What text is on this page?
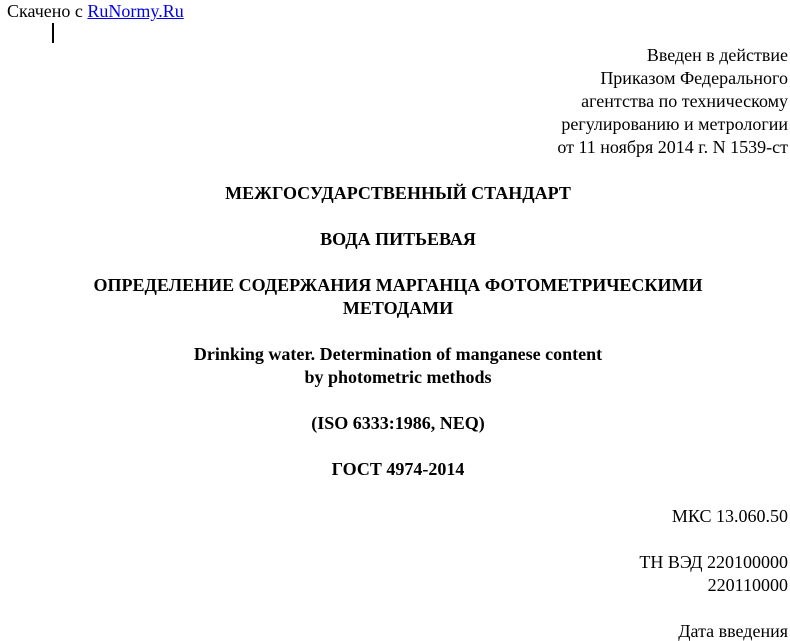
Скачено с RuNormy.Ru
Введен в действие
Приказом Федерального
агентства по техническому
регулированию и метрологии
от 11 ноября 2014 г. N 1539-ст
МЕЖГОСУДАРСТВЕННЫЙ СТАНДАРТ
ВОДА ПИТЬЕВАЯ
ОПРЕДЕЛЕНИЕ СОДЕРЖАНИЯ МАРГАНЦА ФОТОМЕТРИЧЕСКИМИ
МЕТОДАМИ
Drinking water. Determination of manganese content
by photometric methods
(ISO 6333:1986, NEQ)
ГОСТ 4974-2014
МКС 13.060.50
ТН ВЭД 220100000
220110000
Дата введения
